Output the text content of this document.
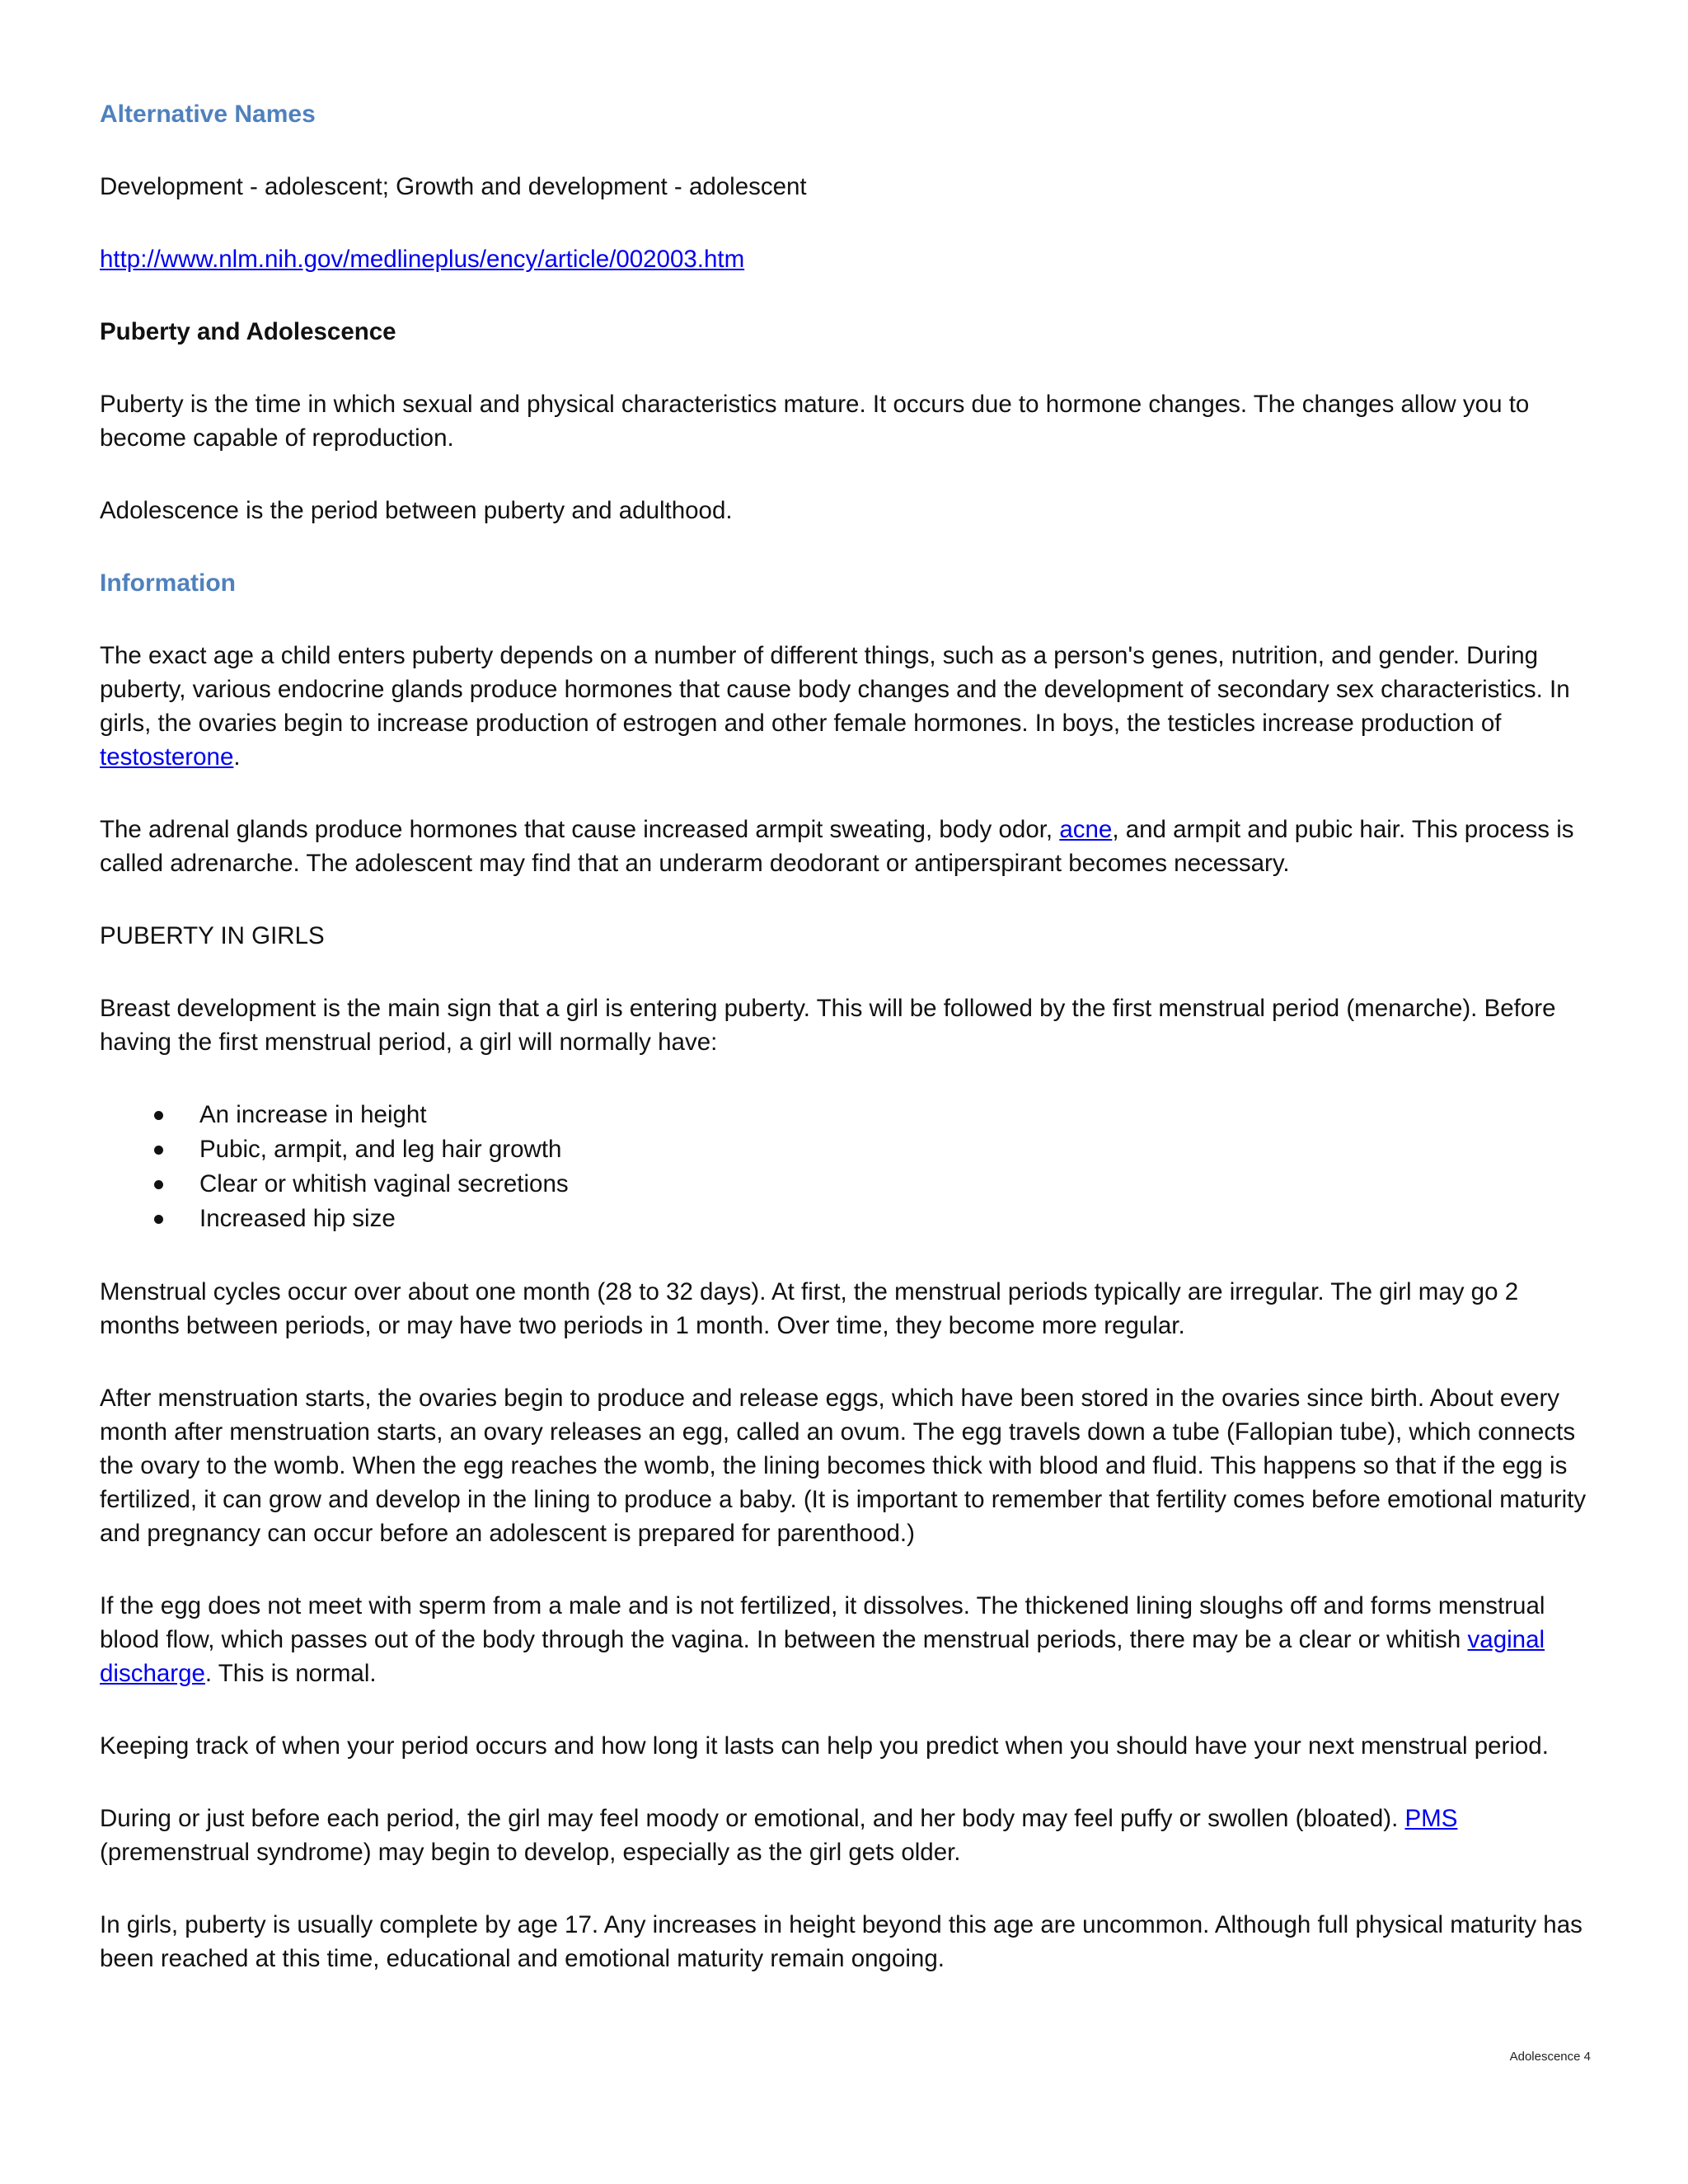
Alternative Names

Development - adolescent; Growth and development - adolescent

http://www.nlm.nih.gov/medlineplus/ency/article/002003.htm

Puberty and Adolescence

Puberty is the time in which sexual and physical characteristics mature. It occurs due to hormone changes. The changes allow you to become capable of reproduction.

Adolescence is the period between puberty and adulthood.

Information

The exact age a child enters puberty depends on a number of different things, such as a person's genes, nutrition, and gender. During puberty, various endocrine glands produce hormones that cause body changes and the development of secondary sex characteristics. In girls, the ovaries begin to increase production of estrogen and other female hormones. In boys, the testicles increase production of testosterone.

The adrenal glands produce hormones that cause increased armpit sweating, body odor, acne, and armpit and pubic hair. This process is called adrenarche. The adolescent may find that an underarm deodorant or antiperspirant becomes necessary.

PUBERTY IN GIRLS

Breast development is the main sign that a girl is entering puberty. This will be followed by the first menstrual period (menarche). Before having the first menstrual period, a girl will normally have:

An increase in height
Pubic, armpit, and leg hair growth
Clear or whitish vaginal secretions
Increased hip size

Menstrual cycles occur over about one month (28 to 32 days). At first, the menstrual periods typically are irregular. The girl may go 2 months between periods, or may have two periods in 1 month. Over time, they become more regular.

After menstruation starts, the ovaries begin to produce and release eggs, which have been stored in the ovaries since birth. About every month after menstruation starts, an ovary releases an egg, called an ovum. The egg travels down a tube (Fallopian tube), which connects the ovary to the womb. When the egg reaches the womb, the lining becomes thick with blood and fluid. This happens so that if the egg is fertilized, it can grow and develop in the lining to produce a baby. (It is important to remember that fertility comes before emotional maturity and pregnancy can occur before an adolescent is prepared for parenthood.)

If the egg does not meet with sperm from a male and is not fertilized, it dissolves. The thickened lining sloughs off and forms menstrual blood flow, which passes out of the body through the vagina. In between the menstrual periods, there may be a clear or whitish vaginal discharge. This is normal.

Keeping track of when your period occurs and how long it lasts can help you predict when you should have your next menstrual period.

During or just before each period, the girl may feel moody or emotional, and her body may feel puffy or swollen (bloated). PMS (premenstrual syndrome) may begin to develop, especially as the girl gets older.

In girls, puberty is usually complete by age 17. Any increases in height beyond this age are uncommon. Although full physical maturity has been reached at this time, educational and emotional maturity remain ongoing.

Adolescence 4
